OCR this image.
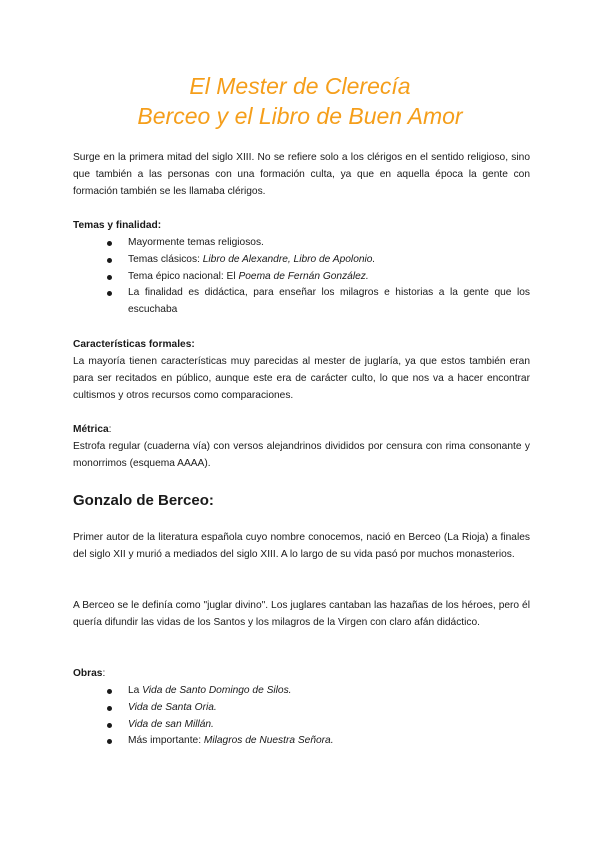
El Mester de Clerecía
Berceo y el Libro de Buen Amor

Surge en la primera mitad del siglo XIII. No se refiere solo a los clérigos en el sentido religioso, sino que también a las personas con una formación culta, ya que en aquella época la gente con formación también se les llamaba clérigos.

Temas y finalidad:
Mayormente temas religiosos.
Temas clásicos: Libro de Alexandre, Libro de Apolonio.
Tema épico nacional: El Poema de Fernán González.
La finalidad es didáctica, para enseñar los milagros e historias a la gente que los escuchaba
Características formales:

La mayoría tienen características muy parecidas al mester de juglaría, ya que estos también eran para ser recitados en público, aunque este era de carácter culto, lo que nos va a hacer encontrar cultismos y otros recursos como comparaciones.

Métrica:

Estrofa regular (cuaderna vía) con versos alejandrinos divididos por censura con rima consonante y monorrimos (esquema AAAA).

Gonzalo de Berceo:

Primer autor de la literatura española cuyo nombre conocemos, nació en Berceo (La Rioja) a finales del siglo XII y murió a mediados del siglo XIII. A lo largo de su vida pasó por muchos monasterios.

A Berceo se le definía como "juglar divino". Los juglares cantaban las hazañas de los héroes, pero él quería difundir las vidas de los Santos y los milagros de la Virgen con claro afán didáctico.

Obras:
La Vida de Santo Domingo de Silos.
Vida de Santa Oria.
Vida de san Millán.
Más importante: Milagros de Nuestra Señora.
